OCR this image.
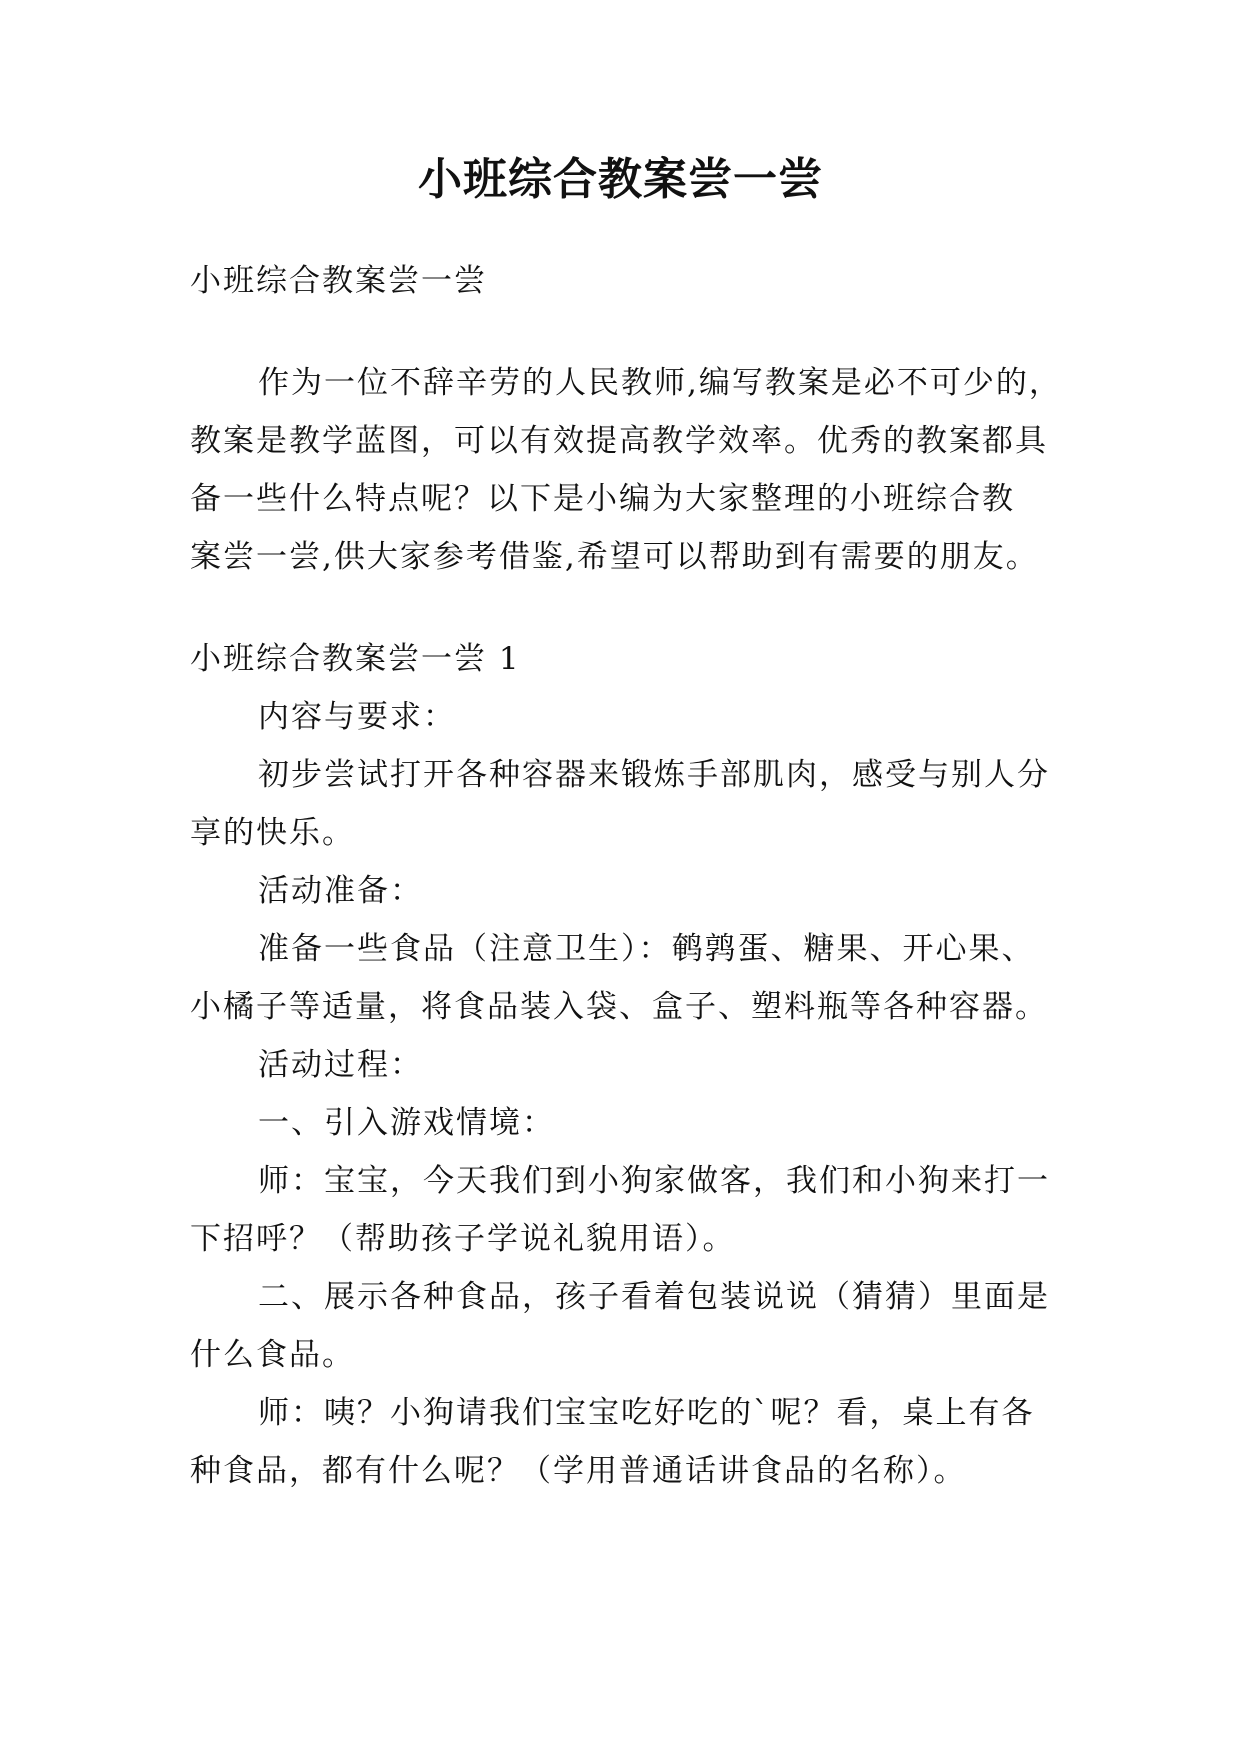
小班综合教案尝一尝

小班综合教案尝一尝

作为一位不辞辛劳的人民教师,编写教案是必不可少的，

教案是教学蓝图，可以有效提高教学效率。优秀的教案都具

备一些什么特点呢？以下是小编为大家整理的小班综合教

案尝一尝,供大家参考借鉴,希望可以帮助到有需要的朋友。

小班综合教案尝一尝 1

内容与要求：

初步尝试打开各种容器来锻炼手部肌肉，感受与别人分

享的快乐。

活动准备：

准备一些食品（注意卫生）：鹌鹑蛋、糖果、开心果、

小橘子等适量，将食品装入袋、盒子、塑料瓶等各种容器。

活动过程：

一、引入游戏情境：

师：宝宝，今天我们到小狗家做客，我们和小狗来打一

下招呼？（帮助孩子学说礼貌用语）。

二、展示各种食品，孩子看着包装说说（猜猜）里面是

什么食品。

师：咦？小狗请我们宝宝吃好吃的`呢？看，桌上有各

种食品，都有什么呢？（学用普通话讲食品的名称）。
